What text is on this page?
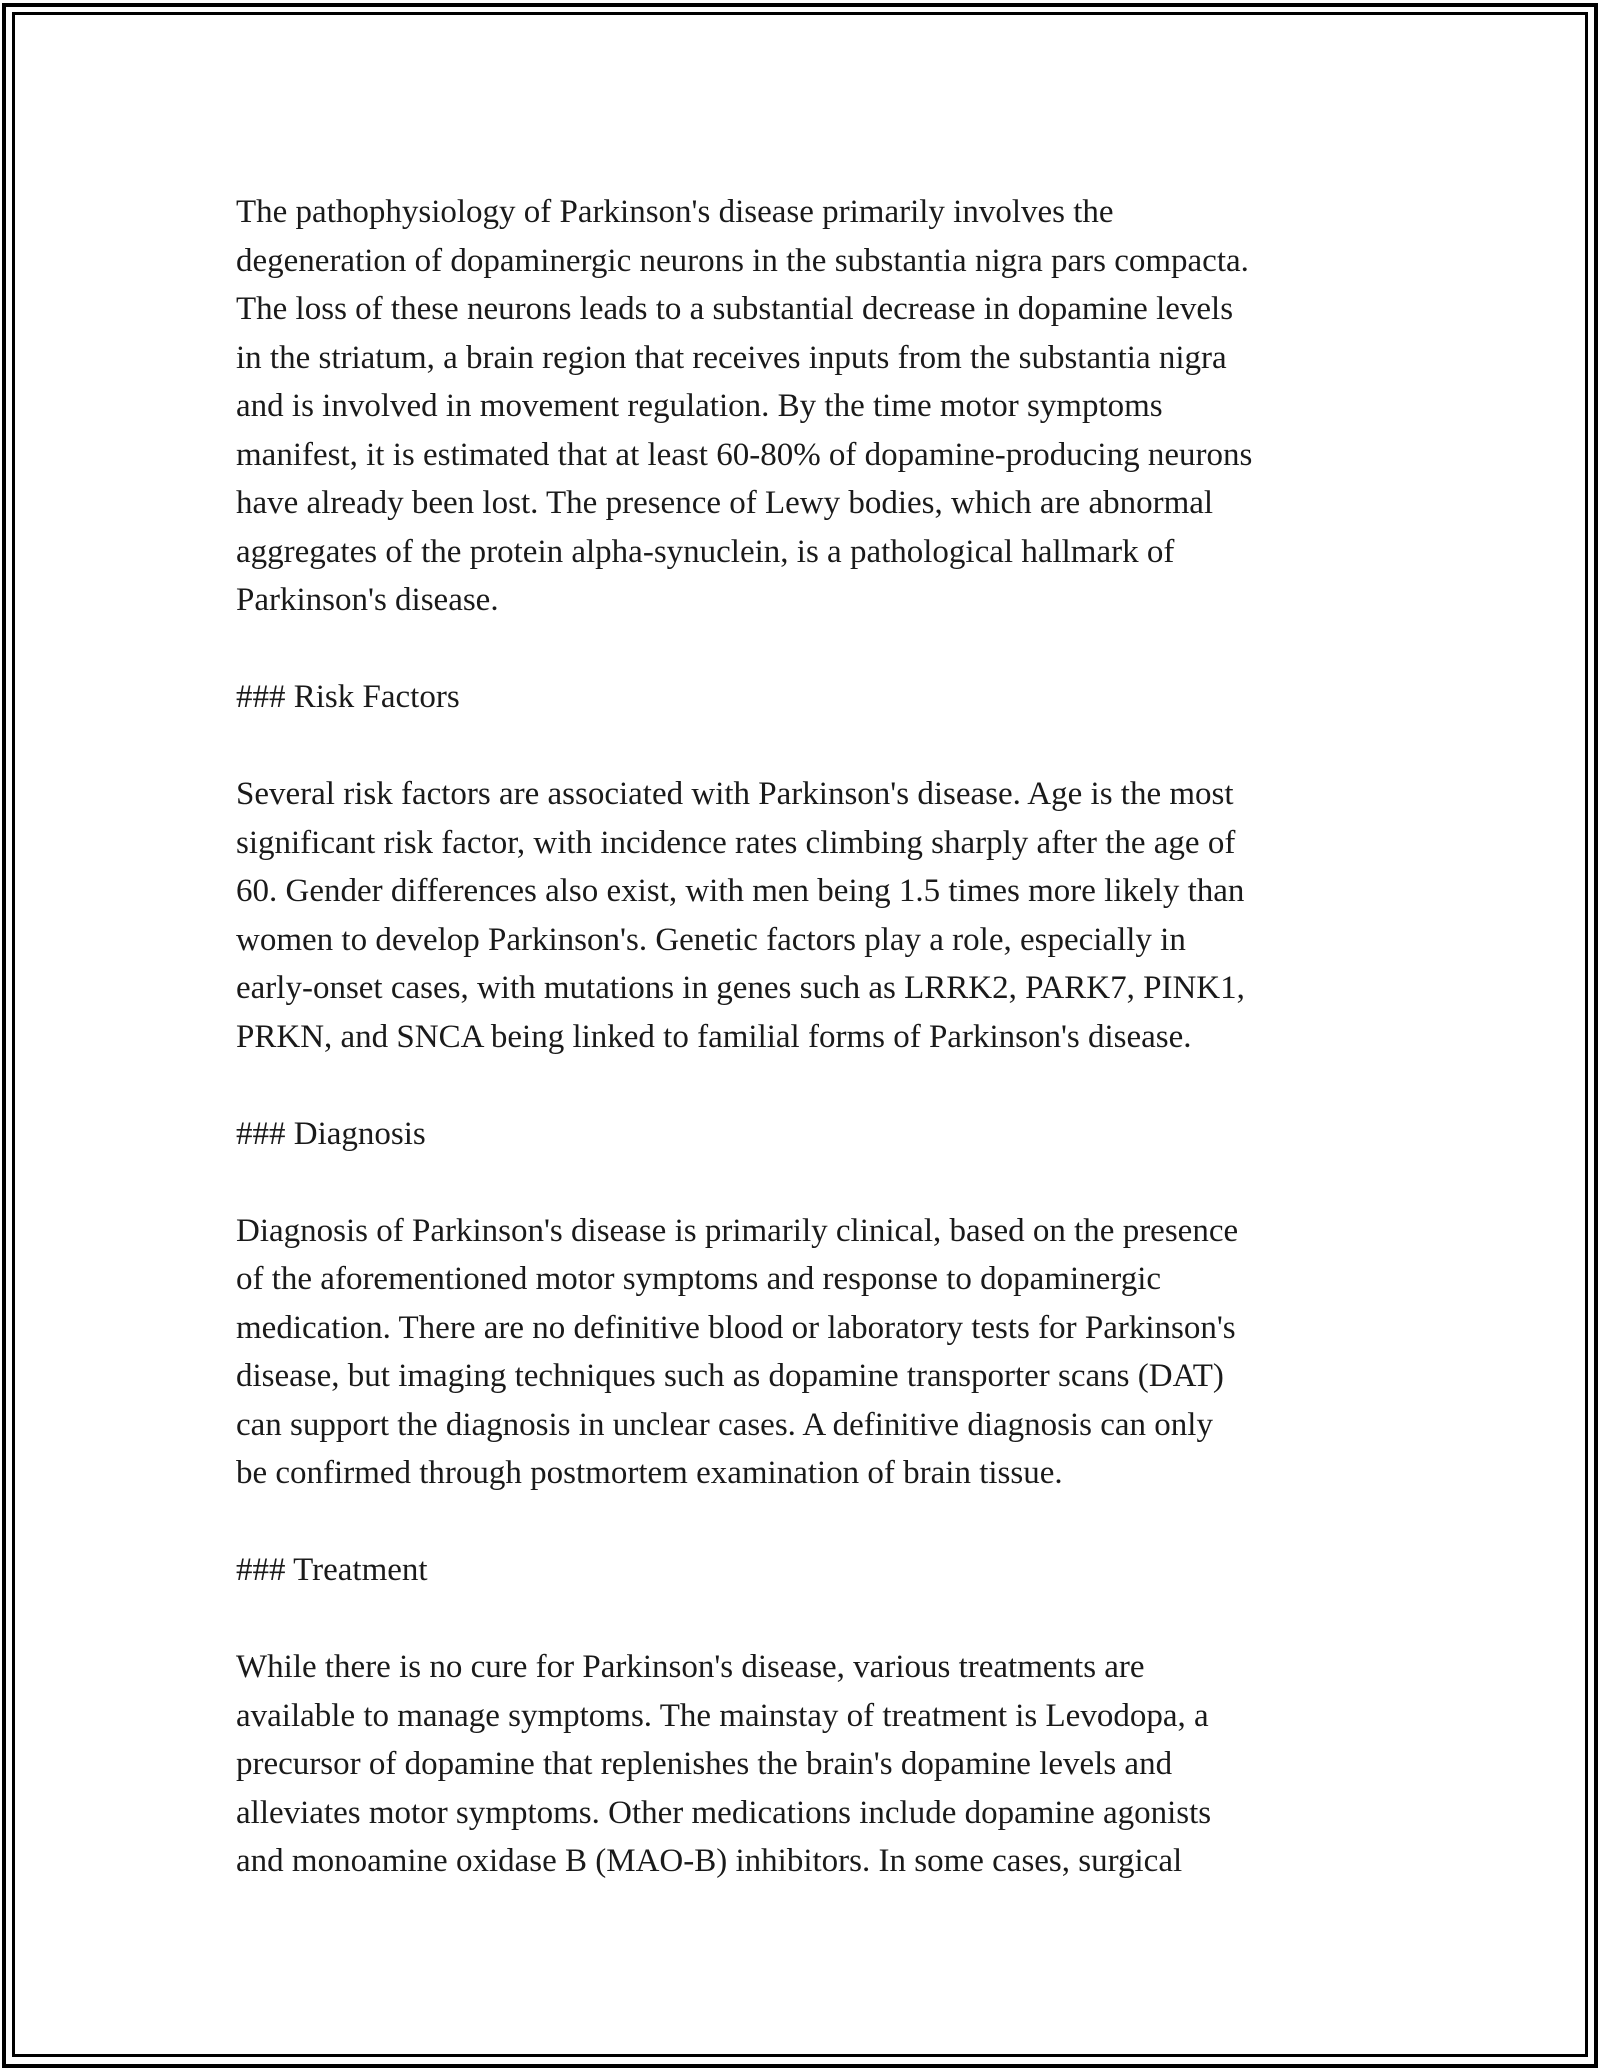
The pathophysiology of Parkinson's disease primarily involves the
degeneration of dopaminergic neurons in the substantia nigra pars compacta.
The loss of these neurons leads to a substantial decrease in dopamine levels
in the striatum, a brain region that receives inputs from the substantia nigra
and is involved in movement regulation. By the time motor symptoms
manifest, it is estimated that at least 60-80% of dopamine-producing neurons
have already been lost. The presence of Lewy bodies, which are abnormal
aggregates of the protein alpha-synuclein, is a pathological hallmark of
Parkinson's disease.

### Risk Factors

Several risk factors are associated with Parkinson's disease. Age is the most
significant risk factor, with incidence rates climbing sharply after the age of
60. Gender differences also exist, with men being 1.5 times more likely than
women to develop Parkinson's. Genetic factors play a role, especially in
early-onset cases, with mutations in genes such as LRRK2, PARK7, PINK1,
PRKN, and SNCA being linked to familial forms of Parkinson's disease.

### Diagnosis

Diagnosis of Parkinson's disease is primarily clinical, based on the presence
of the aforementioned motor symptoms and response to dopaminergic
medication. There are no definitive blood or laboratory tests for Parkinson's
disease, but imaging techniques such as dopamine transporter scans (DAT)
can support the diagnosis in unclear cases. A definitive diagnosis can only
be confirmed through postmortem examination of brain tissue.

### Treatment

While there is no cure for Parkinson's disease, various treatments are
available to manage symptoms. The mainstay of treatment is Levodopa, a
precursor of dopamine that replenishes the brain's dopamine levels and
alleviates motor symptoms. Other medications include dopamine agonists
and monoamine oxidase B (MAO-B) inhibitors. In some cases, surgical
